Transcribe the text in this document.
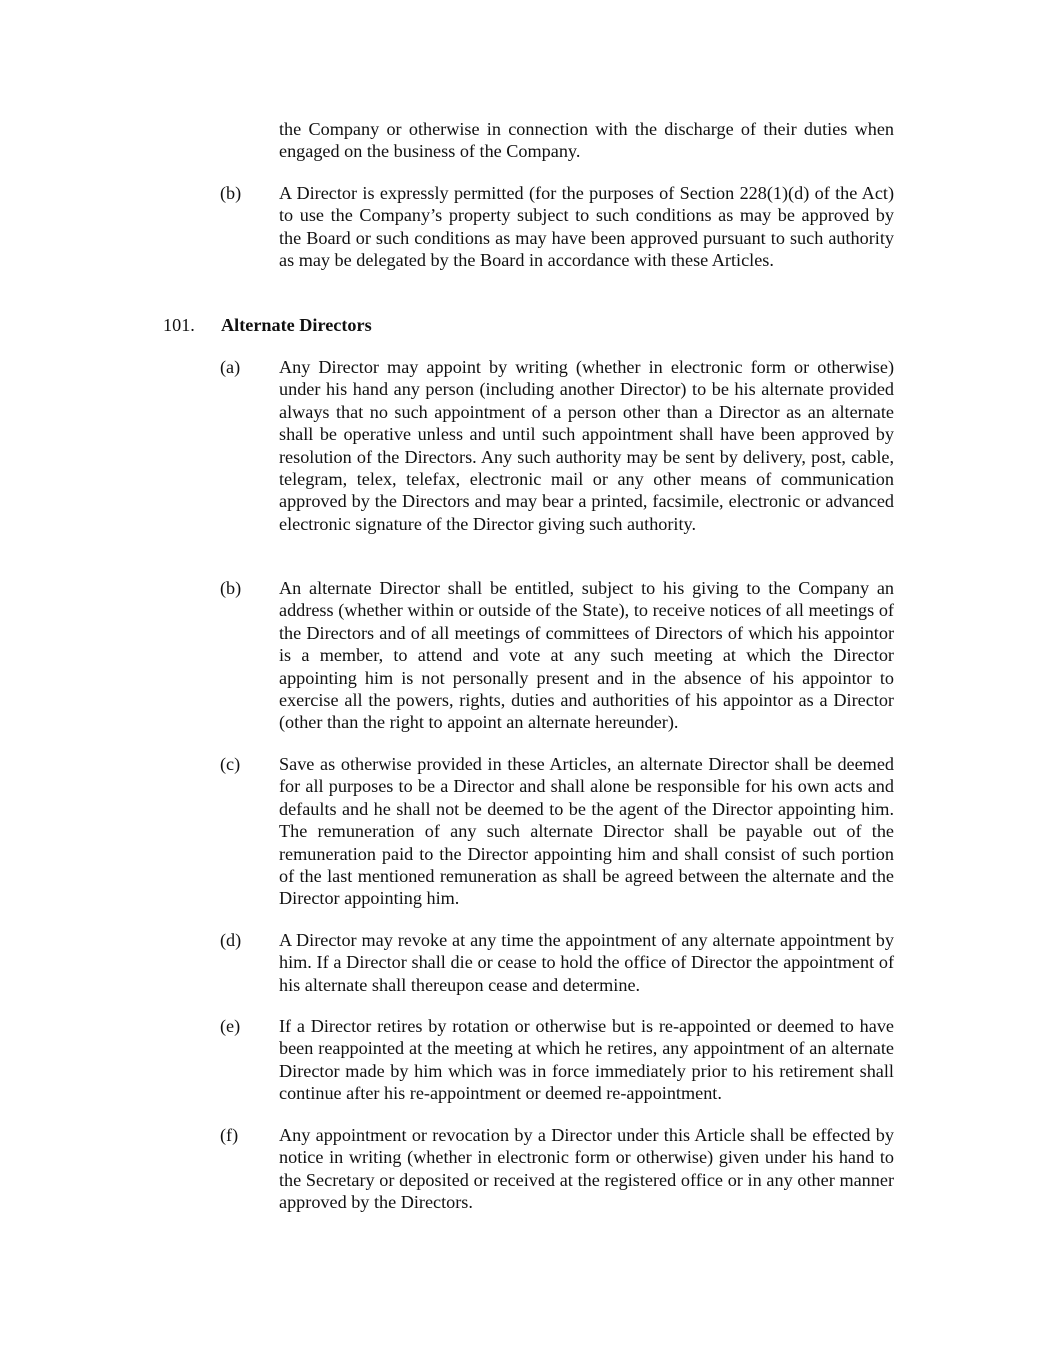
the Company or otherwise in connection with the discharge of their duties when engaged on the business of the Company.

(b) A Director is expressly permitted (for the purposes of Section 228(1)(d) of the Act) to use the Company’s property subject to such conditions as may be approved by the Board or such conditions as may have been approved pursuant to such authority as may be delegated by the Board in accordance with these Articles.

101. Alternate Directors

(a) Any Director may appoint by writing (whether in electronic form or otherwise) under his hand any person (including another Director) to be his alternate provided always that no such appointment of a person other than a Director as an alternate shall be operative unless and until such appointment shall have been approved by resolution of the Directors. Any such authority may be sent by delivery, post, cable, telegram, telex, telefax, electronic mail or any other means of communication approved by the Directors and may bear a printed, facsimile, electronic or advanced electronic signature of the Director giving such authority.

(b) An alternate Director shall be entitled, subject to his giving to the Company an address (whether within or outside of the State), to receive notices of all meetings of the Directors and of all meetings of committees of Directors of which his appointor is a member, to attend and vote at any such meeting at which the Director appointing him is not personally present and in the absence of his appointor to exercise all the powers, rights, duties and authorities of his appointor as a Director (other than the right to appoint an alternate hereunder).

(c) Save as otherwise provided in these Articles, an alternate Director shall be deemed for all purposes to be a Director and shall alone be responsible for his own acts and defaults and he shall not be deemed to be the agent of the Director appointing him. The remuneration of any such alternate Director shall be payable out of the remuneration paid to the Director appointing him and shall consist of such portion of the last mentioned remuneration as shall be agreed between the alternate and the Director appointing him.

(d) A Director may revoke at any time the appointment of any alternate appointment by him. If a Director shall die or cease to hold the office of Director the appointment of his alternate shall thereupon cease and determine.

(e) If a Director retires by rotation or otherwise but is re-appointed or deemed to have been reappointed at the meeting at which he retires, any appointment of an alternate Director made by him which was in force immediately prior to his retirement shall continue after his re-appointment or deemed re-appointment.

(f) Any appointment or revocation by a Director under this Article shall be effected by notice in writing (whether in electronic form or otherwise) given under his hand to the Secretary or deposited or received at the registered office or in any other manner approved by the Directors.
